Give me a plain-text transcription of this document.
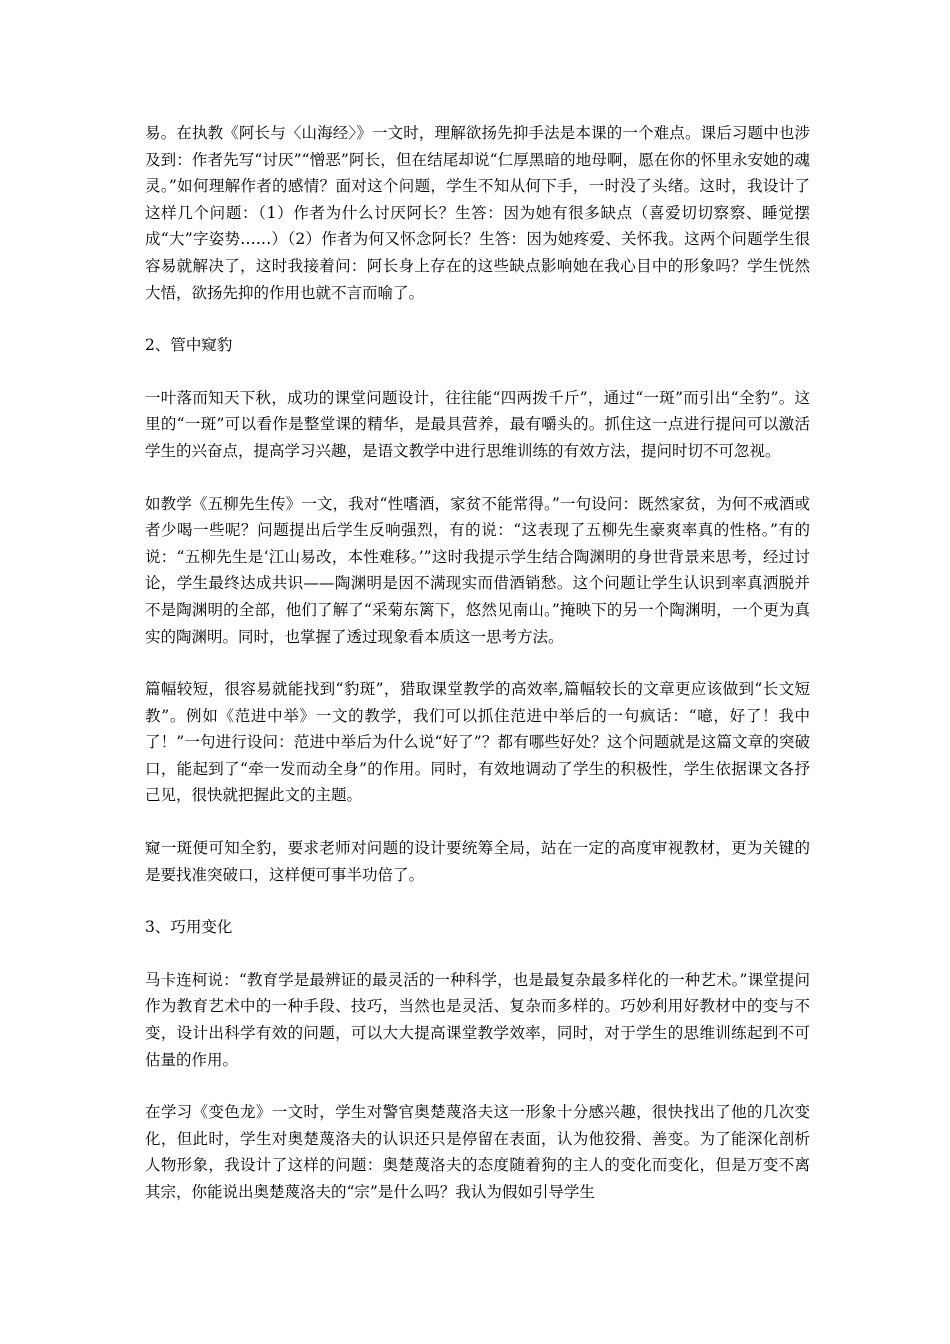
易。在执教《阿长与〈山海经〉》一文时，理解欲扬先抑手法是本课的一个难点。课后习题中也涉及到：作者先写“讨厌”“憎恶”阿长，但在结尾却说“仁厚黑暗的地母啊，愿在你的怀里永安她的魂灵。”如何理解作者的感情？面对这个问题，学生不知从何下手，一时没了头绪。这时，我设计了这样几个问题：（1）作者为什么讨厌阿长？生答：因为她有很多缺点（喜爱切切察察、睡觉摆成“大”字姿势……）（2）作者为何又怀念阿长？生答：因为她疼爱、关怀我。这两个问题学生很容易就解决了，这时我接着问：阿长身上存在的这些缺点影响她在我心目中的形象吗？学生恍然大悟，欲扬先抑的作用也就不言而喻了。

2、管中窥豹

一叶落而知天下秋，成功的课堂问题设计，往往能“四两拨千斤”，通过“一斑”而引出“全豹”。这里的“一斑”可以看作是整堂课的精华，是最具营养，最有嚼头的。抓住这一点进行提问可以激活学生的兴奋点，提高学习兴趣，是语文教学中进行思维训练的有效方法，提问时切不可忽视。

如教学《五柳先生传》一文，我对“性嗜酒，家贫不能常得。”一句设问：既然家贫，为何不戒酒或者少喝一些呢？问题提出后学生反响强烈，有的说：“这表现了五柳先生豪爽率真的性格。”有的说：“五柳先生是‘江山易改，本性难移。’”这时我提示学生结合陶渊明的身世背景来思考，经过讨论，学生最终达成共识——陶渊明是因不满现实而借酒销愁。这个问题让学生认识到率真洒脱并不是陶渊明的全部，他们了解了“采菊东篱下，悠然见南山。”掩映下的另一个陶渊明，一个更为真实的陶渊明。同时，也掌握了透过现象看本质这一思考方法。

篇幅较短，很容易就能找到“豹斑”，猎取课堂教学的高效率,篇幅较长的文章更应该做到“长文短教”。例如《范进中举》一文的教学，我们可以抓住范进中举后的一句疯话：“噫，好了！我中了！”一句进行设问：范进中举后为什么说“好了”？都有哪些好处？这个问题就是这篇文章的突破口，能起到了“牵一发而动全身”的作用。同时，有效地调动了学生的积极性，学生依据课文各抒己见，很快就把握此文的主题。

窥一斑便可知全豹，要求老师对问题的设计要统筹全局，站在一定的高度审视教材，更为关键的是要找准突破口，这样便可事半功倍了。

3、巧用变化

马卡连柯说：“教育学是最辨证的最灵活的一种科学，也是最复杂最多样化的一种艺术。”课堂提问作为教育艺术中的一种手段、技巧，当然也是灵活、复杂而多样的。巧妙利用好教材中的变与不变，设计出科学有效的问题，可以大大提高课堂教学效率，同时，对于学生的思维训练起到不可估量的作用。

在学习《变色龙》一文时，学生对警官奥楚蔑洛夫这一形象十分感兴趣，很快找出了他的几次变化，但此时，学生对奥楚蔑洛夫的认识还只是停留在表面，认为他狡猾、善变。为了能深化剖析人物形象，我设计了这样的问题：奥楚蔑洛夫的态度随着狗的主人的变化而变化，但是万变不离其宗，你能说出奥楚蔑洛夫的“宗”是什么吗？我认为假如引导学生
